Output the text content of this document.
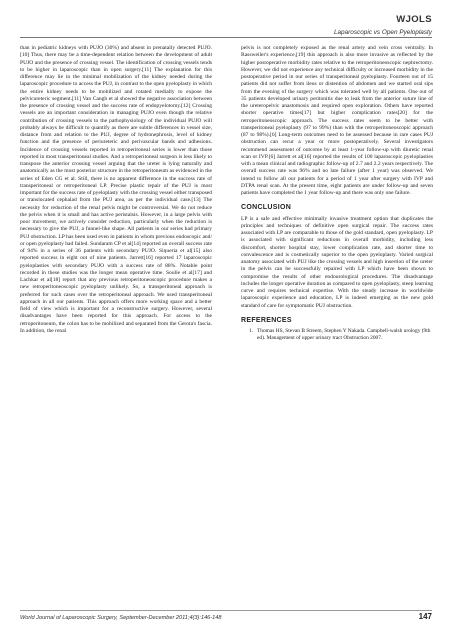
WJOLS
Laparoscopic vs Open Pyeloplasty

than in pediatric kidneys with PUJO (30%) and absent in prenatally detected PUJO.[10] Thus, there may be a time-dependent relation between the development of adult PUJO and the presence of crossing vessel. The identification of crossing vessels tends to be higher in laparoscopic than in open surgery.[11] The explanation for this difference may lie in the minimal mobilization of the kidney needed during the laparoscopic procedure to access the PUJ, in contrast to the open pyeloplasty in which the entire kidney needs to be mobilized and rotated medially to expose the pelvicureteric segment.[11] Van Cangh et al showed the negative association between the presence of crossing vessel and the success rate of endopyelotomy.[12] Crossing vessels are an important consideration in managing PUJO even though the relative contribution of crossing vessels to the pathophysiology of the individual PUJO will probably always be difficult to quantify as there are subtle differences in vessel size, distance from and relation to the PUJ, degree of hydronephrosis, level of kidney function and the presence of periureteric and perivascular bands and adhesions. Incidence of crossing vessels reported in retroperitoneal series is lower than those reported in most transperitoneal studies. And a retroperitoneal surgeon is less likely to transpose the anterior crossing vessel arguing that the ureter is lying naturally and anatomically as the most posterior structure in the retroperitoneum as evidenced in the series of Eden CG et al. Still, there is no apparent difference in the success rate of transperitoneal or retroperitoneal LP. Precise plastic repair of the PUJ is most important for the success rate of pyeloplasty with the crossing vessel either transposed or translocated cephalad from the PUJ area, as per the individual case.[13] The necessity for reduction of the renal pelvis might be controversial. We do not reduce the pelvis when it is small and has active peristalsis. However, in a large pelvis with poor movement, we actively consider reduction, particularly when the reduction is necessary to give the PUJ, a funnel-like shape. All patients in our series had primary PUJ obstruction. LP has been used even in patients in whom previous endoscopic and/ or open pyeloplasty had failed. Sundaram CP et al[14] reported an overall success rate of 94% in a series of 36 patients with secondary PUJO. Siqueria et al[15] also reported success in eight out of nine patients. Jarrett[16] reported 17 laparoscopic pyeloplasties with secondary PUJO with a success rate of 88%. Notable point recorded in these studies was the longer mean operative time. Soulie et al[17] and Lachkar et al[18] report that any previous retroperitoneoscopic procedure makes a new retroperitoneoscopic pyeloplasty unlikely. So, a transperitoneal approach is preferred for such cases over the retroperitoneal approach. We used transperitoneal approach in all our patients. This approach offers more working space and a better field of view which is important for a reconstructive surgery. However, several disadvantages have been reported for this approach. For access to the retroperitoneum, the colon has to be mobilized and separated from the Gerota's fascia. In addition, the renal

pelvis is not completely exposed as the renal artery and vein cross ventrally. In Rassweiler's experience,[19] this approach is also more invasive as reflected by the higher postoperative morbidity rates relative to the retroperitoneoscopic nephrectomy. However, we did not experience any technical difficulty or increased morbidity in the postoperative period in our series of transperitoneal pyeloplasty. Fourteen out of 15 patients did not suffer from ileus or distention of abdomen and we started oral sips from the evening of the surgery which was tolerated well by all patients. One out of 35 patients developed urinary peritonitis due to leak from the anterior suture line of the ureteropelvic anastomosis and required open exploration. Others have reported shorter operative times[17] but higher complication rates[20] for the retroperitoneoscopic approach. The success rates seem to be better with transperitoneal pyeloplasty (97 to 99%) than with the retroperitoneoscopic approach (87 to 98%).[6] Long-term outcomes need to be assessed because in rare cases PUJ obstruction can recur a year or more postoperatively. Several investigators recommend assessment of outcome by at least 1-year follow-up with diuretic renal scan or IVP.[6] Jarrett et al[16] reported the results of 100 laparoscopic pyeloplasties with a mean clinical and radiographic follow-up of 2.7 and 2.2 years respectively. The overall success rate was 96% and no late failure (after 1 year) was observed. We intend to follow all our patients for a period of 1 year after surgery with IVP and DTPA renal scan. At the present time, eight patients are under follow-up and seven patients have completed the 1 year follow-up and there was only one failure.

CONCLUSION

LP is a safe and effective minimally invasive treatment option that duplicates the principles and techniques of definitive open surgical repair. The success rates associated with LP are comparable to those of the gold standard, open pyeloplasty. LP is associated with significant reductions in overall morbidity, including less discomfort, shorter hospital stay, lower complication rate, and shorter time to convalescence and is cosmetically superior to the open pyeloplasty. Varied surgical anatomy associated with PUJ like the crossing vessels and high insertion of the ureter in the pelvis can be successfully repaired with LP which have been shown to compromise the results of other endourological procedures. The disadvantage includes the longer operative duration as compared to open pyeloplasty, steep learning curve and requires technical expertise. With the steady increase in worldwide laparoscopic experience and education, LP is indeed emerging as the new gold standard of care for symptomatic PUJ obstruction.

REFERENCES
1. Thomas HS, Stevan B Streem, Stephen Y Nakada. Campbell-walsh urology (9th ed). Management of upper urinary tract Obstruction 2007.
World Journal of Laparoscopic Surgery, September-December 2011;4(3):146-148	147
